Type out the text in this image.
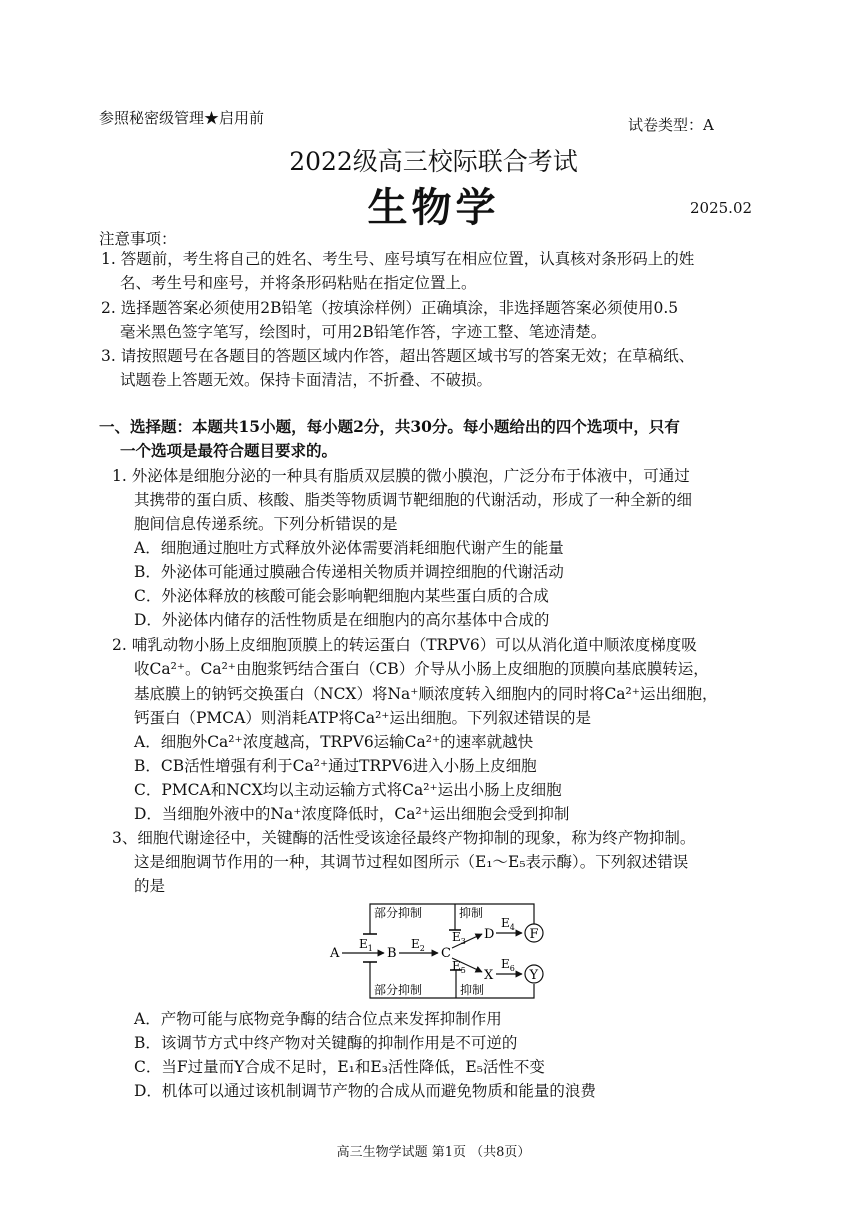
参照秘密级管理★启用前	试卷类型：A
2022级高三校际联合考试
生物学	2025.02
注意事项：
1. 答题前，考生将自己的姓名、考生号、座号填写在相应位置，认真核对条形码上的姓
名、考生号和座号，并将条形码粘贴在指定位置上。
2. 选择题答案必须使用2B铅笔（按填涂样例）正确填涂，非选择题答案必须使用0.5
毫米黑色签字笔写，绘图时，可用2B铅笔作答，字迹工整、笔迹清楚。
3. 请按照题号在各题目的答题区域内作答，超出答题区域书写的答案无效；在草稿纸、
试题卷上答题无效。保持卡面清洁，不折叠、不破损。
一、选择题：本题共15小题，每小题2分，共30分。每小题给出的四个选项中，只有
一个选项是最符合题目要求的。
1. 外泌体是细胞分泌的一种具有脂质双层膜的微小膜泡，广泛分布于体液中，可通过
其携带的蛋白质、核酸、脂类等物质调节靶细胞的代谢活动，形成了一种全新的细
胞间信息传递系统。下列分析错误的是
A．细胞通过胞吐方式释放外泌体需要消耗细胞代谢产生的能量
B．外泌体可能通过膜融合传递相关物质并调控细胞的代谢活动
C．外泌体释放的核酸可能会影响靶细胞内某些蛋白质的合成
D．外泌体内储存的活性物质是在细胞内的高尔基体中合成的
2. 哺乳动物小肠上皮细胞顶膜上的转运蛋白（TRPV6）可以从消化道中顺浓度梯度吸
收Ca²⁺。Ca²⁺由胞浆钙结合蛋白（CB）介导从小肠上皮细胞的顶膜向基底膜转运，
基底膜上的钠钙交换蛋白（NCX）将Na⁺顺浓度转入细胞内的同时将Ca²⁺运出细胞，
钙蛋白（PMCA）则消耗ATP将Ca²⁺运出细胞。下列叙述错误的是
A．细胞外Ca²⁺浓度越高，TRPV6运输Ca²⁺的速率就越快
B．CB活性增强有利于Ca²⁺通过TRPV6进入小肠上皮细胞
C．PMCA和NCX均以主动运输方式将Ca²⁺运出小肠上皮细胞
D．当细胞外液中的Na⁺浓度降低时，Ca²⁺运出细胞会受到抑制
3、细胞代谢途径中，关键酶的活性受该途径最终产物抑制的现象，称为终产物抑制。
这是细胞调节作用的一种，其调节过程如图所示（E₁～E₅表示酶）。下列叙述错误
的是
部分抑制	抑制
部分抑制	抑制
A
$E_1$ B
$E_2$ C
$E_3$ D
$E_4$ F
$E_5$ X
$E_6$ Y
A．产物可能与底物竞争酶的结合位点来发挥抑制作用
B．该调节方式中终产物对关键酶的抑制作用是不可逆的
C．当F过量而Y合成不足时，E₁和E₃活性降低，E₅活性不变
D．机体可以通过该机制调节产物的合成从而避免物质和能量的浪费
高三生物学试题 第1页 （共8页）
